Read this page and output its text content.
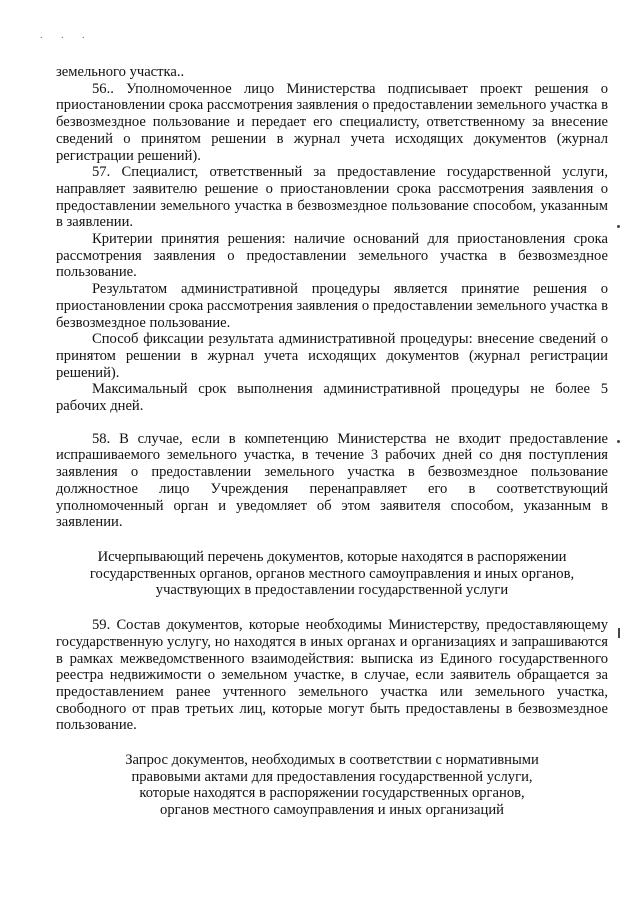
. . .

земельного участка..

56.. Уполномоченное лицо Министерства подписывает проект решения о приостановлении срока рассмотрения заявления о предоставлении земельного участка в безвозмездное пользование и передает его специалисту, ответственному за внесение сведений о принятом решении в журнал учета исходящих документов (журнал регистрации решений).

57. Специалист, ответственный за предоставление государственной услуги, направляет заявителю решение о приостановлении срока рассмотрения заявления о предоставлении земельного участка в безвозмездное пользование способом, указанным в заявлении.

Критерии принятия решения: наличие оснований для приостановления срока рассмотрения заявления о предоставлении земельного участка в безвозмездное пользование.

Результатом административной процедуры является принятие решения о приостановлении срока рассмотрения заявления о предоставлении земельного участка в безвозмездное пользование.

Способ фиксации результата административной процедуры: внесение сведений о принятом решении в журнал учета исходящих документов (журнал регистрации решений).

Максимальный срок выполнения административной процедуры не более 5 рабочих дней.

58. В случае, если в компетенцию Министерства не входит предоставление испрашиваемого земельного участка, в течение 3 рабочих дней со дня поступления заявления о предоставлении земельного участка в безвозмездное пользование должностное лицо Учреждения перенаправляет его в соответствующий уполномоченный орган и уведомляет об этом заявителя способом, указанным в заявлении.

Исчерпывающий перечень документов, которые находятся в распоряжении

государственных органов, органов местного самоуправления и иных органов,

участвующих в предоставлении государственной услуги

59. Состав документов, которые необходимы Министерству, предоставляющему государственную услугу, но находятся в иных органах и организациях и запрашиваются в рамках межведомственного взаимодействия: выписка из Единого государственного реестра недвижимости о земельном участке, в случае, если заявитель обращается за предоставлением ранее учтенного земельного участка или земельного участка, свободного от прав третьих лиц, которые могут быть предоставлены в безвозмездное пользование.

Запрос документов, необходимых в соответствии с нормативными

правовыми актами для предоставления государственной услуги,

которые находятся в распоряжении государственных органов,

органов местного самоуправления и иных организаций
